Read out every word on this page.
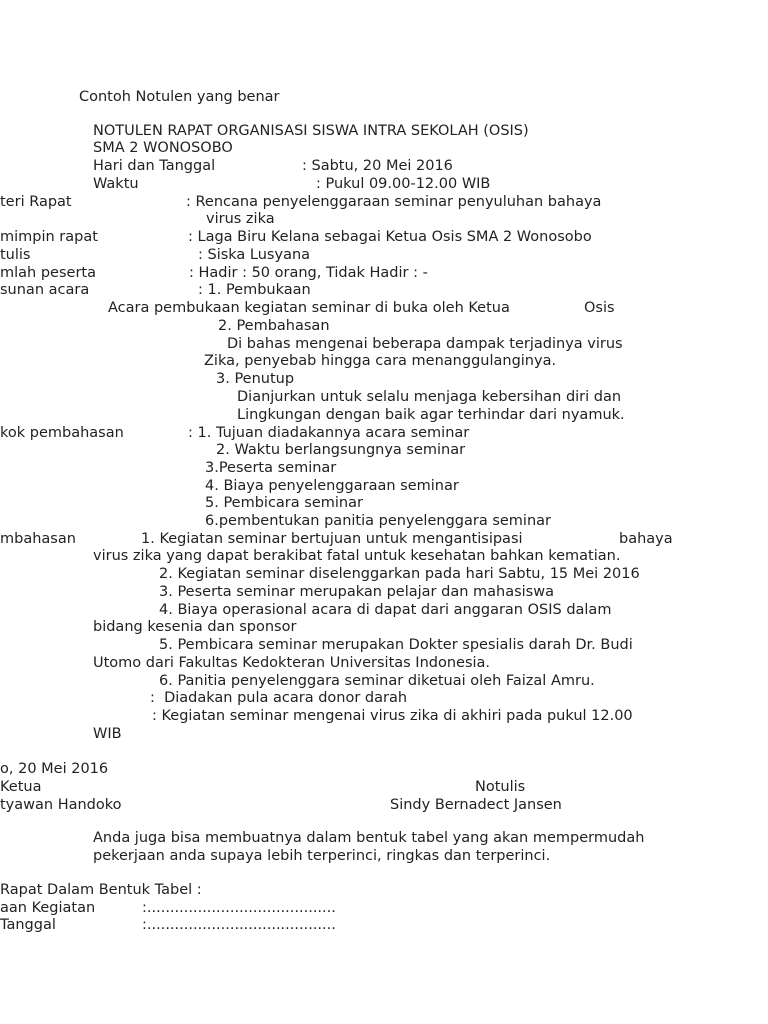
Contoh Notulen yang benar
NOTULEN RAPAT ORGANISASI SISWA INTRA SEKOLAH (OSIS)
SMA 2 WONOSOBO
Hari dan Tanggal	: Sabtu, 20 Mei 2016
Waktu	: Pukul 09.00-12.00 WIB
teri Rapat	: Rencana penyelenggaraan seminar penyuluhan bahaya
virus zika
mimpin rapat	: Laga Biru Kelana sebagai Ketua Osis SMA 2 Wonosobo
tulis	: Siska Lusyana
mlah peserta	: Hadir : 50 orang, Tidak Hadir : -
sunan acara	: 1. Pembukaan
Acara pembukaan kegiatan seminar di buka oleh Ketua	Osis
2. Pembahasan
Di bahas mengenai beberapa dampak terjadinya virus
Zika, penyebab hingga cara menanggulanginya.
3. Penutup
Dianjurkan untuk selalu menjaga kebersihan diri dan
Lingkungan dengan baik agar terhindar dari nyamuk.
kok pembahasan	: 1. Tujuan diadakannya acara seminar
2. Waktu berlangsungnya seminar
3.Peserta seminar
4. Biaya penyelenggaraan seminar
5. Pembicara seminar
6.pembentukan panitia penyelenggara seminar
mbahasan	1. Kegiatan seminar bertujuan untuk mengantisipasi	bahaya
virus zika yang dapat berakibat fatal untuk kesehatan bahkan kematian.
2. Kegiatan seminar diselenggarkan pada hari Sabtu, 15 Mei 2016
3. Peserta seminar merupakan pelajar dan mahasiswa
4. Biaya operasional acara di dapat dari anggaran OSIS dalam
bidang kesenia dan sponsor
5. Pembicara seminar merupakan Dokter spesialis darah Dr. Budi
Utomo dari Fakultas Kedokteran Universitas Indonesia.
6. Panitia penyelenggara seminar diketuai oleh Faizal Amru.
:  Diadakan pula acara donor darah
: Kegiatan seminar mengenai virus zika di akhiri pada pukul 12.00
WIB
o, 20 Mei 2016
Ketua	Notulis
tyawan Handoko	Sindy Bernadect Jansen
Anda juga bisa membuatnya dalam bentuk tabel yang akan mempermudah
pekerjaan anda supaya lebih terperinci, ringkas dan terperinci.
Rapat Dalam Bentuk Tabel :
aan Kegiatan	:.........................................
Tanggal	:.........................................
